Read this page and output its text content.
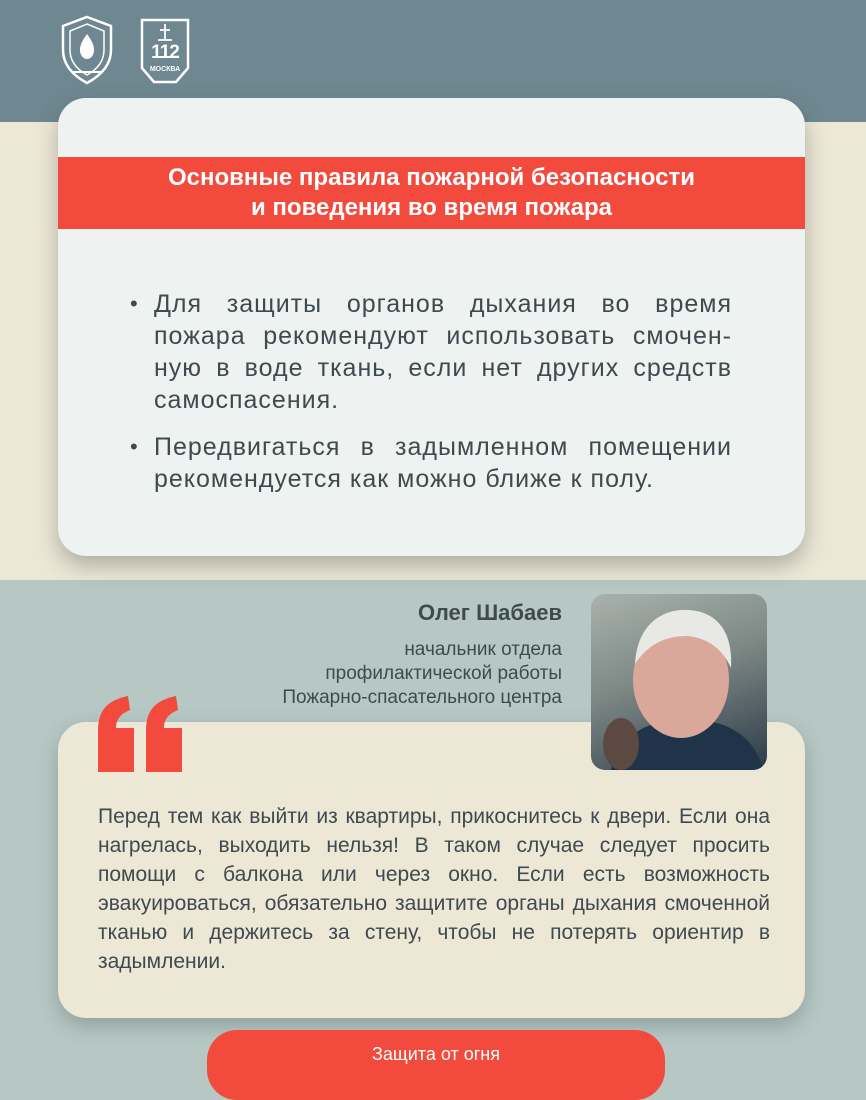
112
МОСКВА
Основные правила пожарной безопасности
и поведения во время пожара
• Для защиты органов дыхания во время пожара рекомендуют использовать смочен-ную в воде ткань, если нет других средств самоспасения.
• Передвигаться в задымленном помещении рекомендуется как можно ближе к полу.
Олег Шабаев
начальник отдела
профилактической работы
Пожарно-спасательного центра
Перед тем как выйти из квартиры, прикоснитесь к двери. Если она нагрелась, выходить нельзя! В таком случае следует просить помощи с балкона или через окно. Если есть возможность эвакуироваться, обязательно защитите органы дыхания смоченной тканью и держитесь за стену, чтобы не потерять ориентир в задымлении.
Защита от огня
